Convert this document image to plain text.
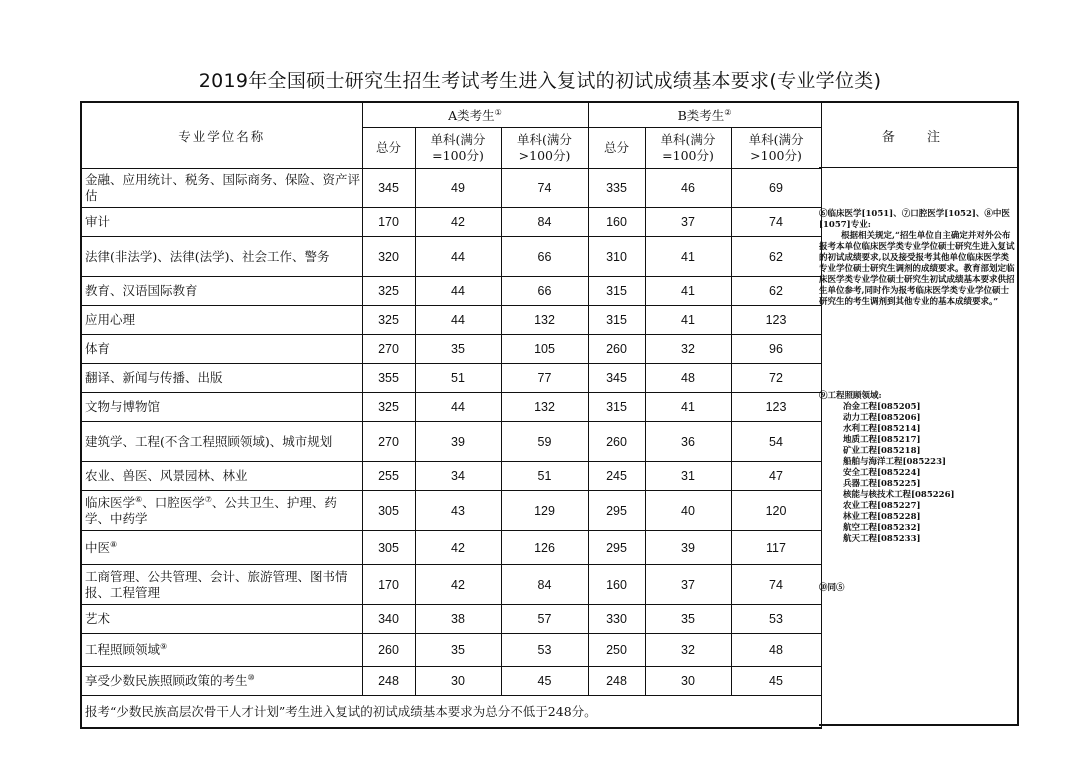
2019年全国硕士研究生招生考试考生进入复试的初试成绩基本要求(专业学位类)
专业学位名称	A类考生①			B类考生②
	总分	单科(满分=100分)	单科(满分>100分)	总分	单科(满分=100分)	单科(满分>100分)
金融、应用统计、税务、国际商务、保险、资产评估	345	49	74	335	46	69
审计	170	42	84	160	37	74
法律(非法学)、法律(法学)、社会工作、警务	320	44	66	310	41	62
教育、汉语国际教育	325	44	66	315	41	62
应用心理	325	44	132	315	41	123
体育	270	35	105	260	32	96
翻译、新闻与传播、出版	355	51	77	345	48	72
文物与博物馆	325	44	132	315	41	123
建筑学、工程(不含工程照顾领域)、城市规划	270	39	59	260	36	54
农业、兽医、风景园林、林业	255	34	51	245	31	47
临床医学⑥、口腔医学⑦、公共卫生、护理、药学、中药学	305	43	129	295	40	120
中医⑧	305	42	126	295	39	117
工商管理、公共管理、会计、旅游管理、图书情报、工程管理	170	42	84	160	37	74
艺术	340	38	57	330	35	53
工程照顾领域⑨	260	35	53	250	32	48
享受少数民族照顾政策的考生⑩	248	30	45	248	30	45
报考“少数民族高层次骨干人才计划”考生进入复试的初试成绩基本要求为总分不低于248分。						
备 注

⑥临床医学[1051]、⑦口腔医学[1052]、⑧中医[1057]专业:

根据相关规定,“招生单位自主确定并对外公布报考本单位临床医学类专业学位硕士研究生进入复试的初试成绩要求,以及接受报考其他单位临床医学类专业学位硕士研究生调剂的成绩要求。教育部划定临床医学类专业学位硕士研究生初试成绩基本要求供招生单位参考,同时作为报考临床医学类专业学位硕士研究生的考生调剂到其他专业的基本成绩要求。”

⑨工程照顾领域:

冶金工程[085205]

动力工程[085206]

水利工程[085214]

地质工程[085217]

矿业工程[085218]

船舶与海洋工程[085223]

安全工程[085224]

兵器工程[085225]

核能与核技术工程[085226]

农业工程[085227]

林业工程[085228]

航空工程[085232]

航天工程[085233]

⑩同⑤
